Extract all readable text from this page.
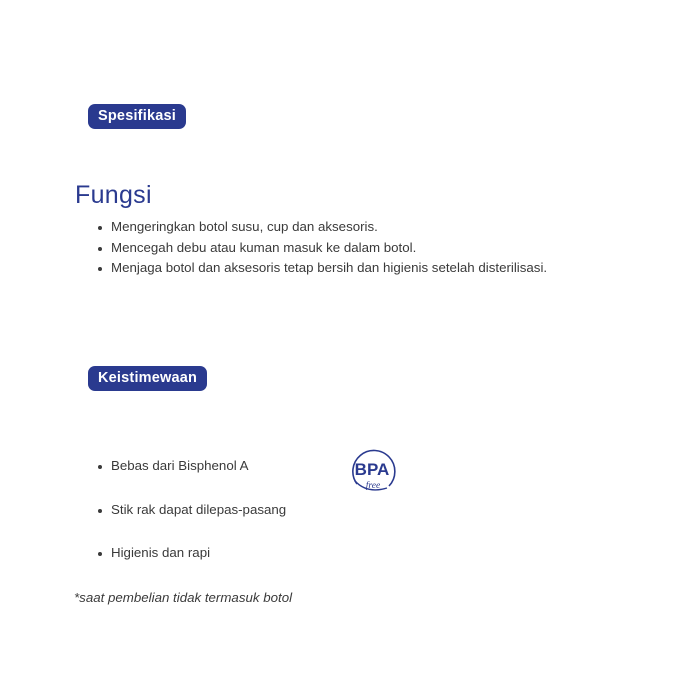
Spesifikasi
Fungsi
Mengeringkan botol susu, cup dan aksesoris.
Mencegah debu atau kuman masuk ke dalam botol.
Menjaga botol dan aksesoris tetap bersih dan higienis setelah disterilisasi.
Keistimewaan
Bebas dari Bisphenol A
Stik rak dapat dilepas-pasang
Higienis dan rapi
BPA
free
*saat pembelian tidak termasuk botol
